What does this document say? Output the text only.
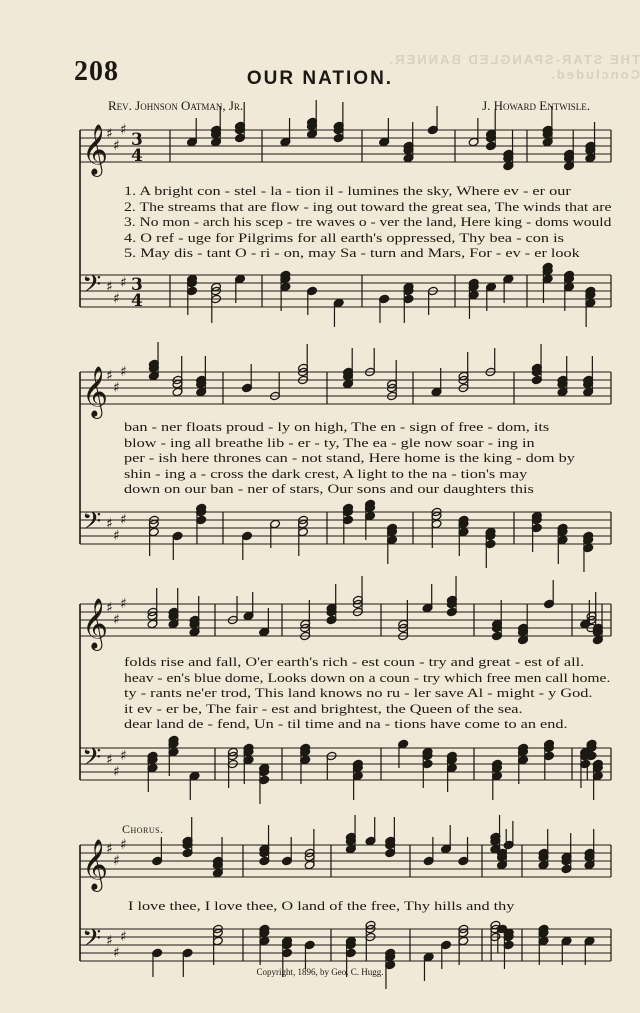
THE STAR-SPANGLED BANNER. Concluded.
208	OUR NATION.
Rev. Johnson Oatman, Jr.	J. Howard Entwisle.
𝄞
♯
♯
♯ 3
4
𝄢 ♯
♯
♯ 3
4
1. A bright con - stel - la - tion il - lumines the sky, Where ev - er our
2. The streams that are flow - ing out toward the great sea, The winds that are
3. No mon - arch his scep - tre waves o - ver the land, Here king - doms would
4. O ref - uge for Pilgrims for all earth's oppressed, Thy bea - con is
5. May dis - tant O - ri - on, may Sa - turn and Mars, For - ev - er look
𝄞
♯
♯
♯
𝄢 ♯
♯
♯
ban - ner floats proud - ly on high, The en - sign of free - dom, its
blow - ing all breathe lib - er - ty, The ea - gle now soar - ing in
per - ish here thrones can - not stand, Here home is the king - dom by
shin - ing a - cross the dark crest, A light to the na - tion's may
down on our ban - ner of stars, Our sons and our daughters this
𝄞
♯
♯
♯
𝄢 ♯
♯
♯
folds rise and fall, O'er earth's rich - est coun - try and great - est of all.
heav - en's blue dome, Looks down on a coun - try which free men call home.
ty - rants ne'er trod, This land knows no ru - ler save Al - might - y God.
it ev - er be, The fair - est and brightest, the Queen of the sea.
dear land de - fend, Un - til time and na - tions have come to an end.
𝄞
♯
♯
♯
𝄢 ♯
♯
♯
I love thee, I love thee, O land of the free, Thy hills and thy
Chorus.
Copyright, 1896, by Geo. C. Hugg.
